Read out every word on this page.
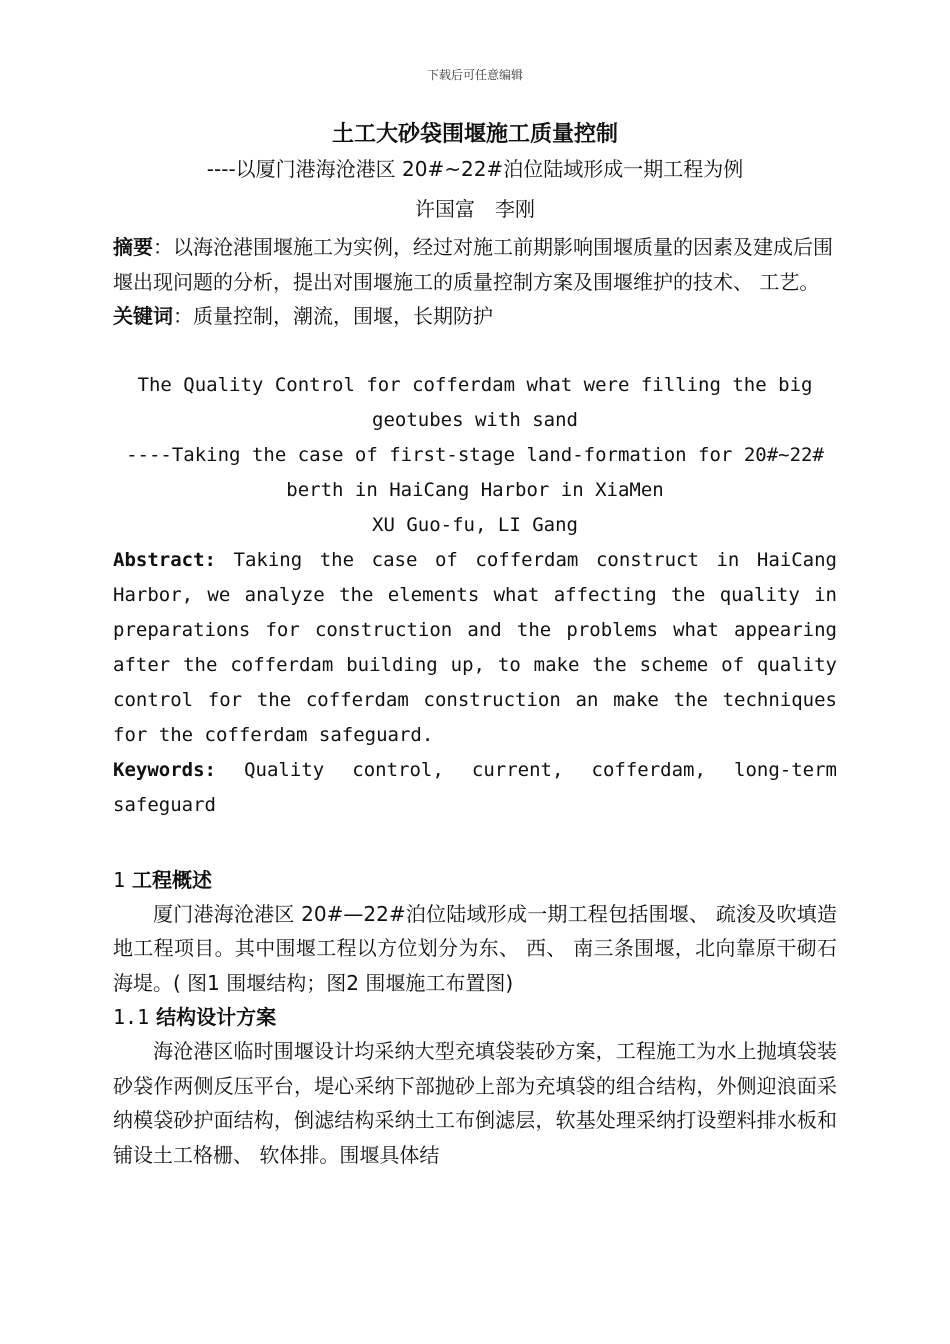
下载后可任意编辑

土工大砂袋围堰施工质量控制

----以厦门港海沧港区 20#~22#泊位陆域形成一期工程为例

许国富　李刚

摘要：以海沧港围堰施工为实例，经过对施工前期影响围堰质量的因素及建成后围堰出现问题的分析，提出对围堰施工的质量控制方案及围堰维护的技术、 工艺。

关键词：质量控制，潮流，围堰，长期防护

The Quality Control for cofferdam what were filling the big

geotubes with sand

----Taking the case of first-stage land-formation for 20#~22#

berth in HaiCang Harbor in XiaMen

XU Guo-fu, LI Gang

Abstract: Taking the case of cofferdam construct in HaiCang Harbor, we analyze the elements what affecting the quality in preparations for construction and the problems what appearing after the cofferdam building up, to make the scheme of quality control for the cofferdam construction an make the techniques for the cofferdam safeguard.

Keywords: Quality control, current, cofferdam, long-term

safeguard

1 工程概述

厦门港海沧港区 20#—22#泊位陆域形成一期工程包括围堰、 疏浚及吹填造地工程项目。其中围堰工程以方位划分为东、 西、 南三条围堰，北向靠原干砌石海堤。( 图1 围堰结构；图2 围堰施工布置图)

1.1 结构设计方案

海沧港区临时围堰设计均采纳大型充填袋装砂方案，工程施工为水上抛填袋装砂袋作两侧反压平台，堤心采纳下部抛砂上部为充填袋的组合结构，外侧迎浪面采纳模袋砂护面结构，倒滤结构采纳土工布倒滤层，软基处理采纳打设塑料排水板和铺设土工格栅、 软体排。围堰具体结
